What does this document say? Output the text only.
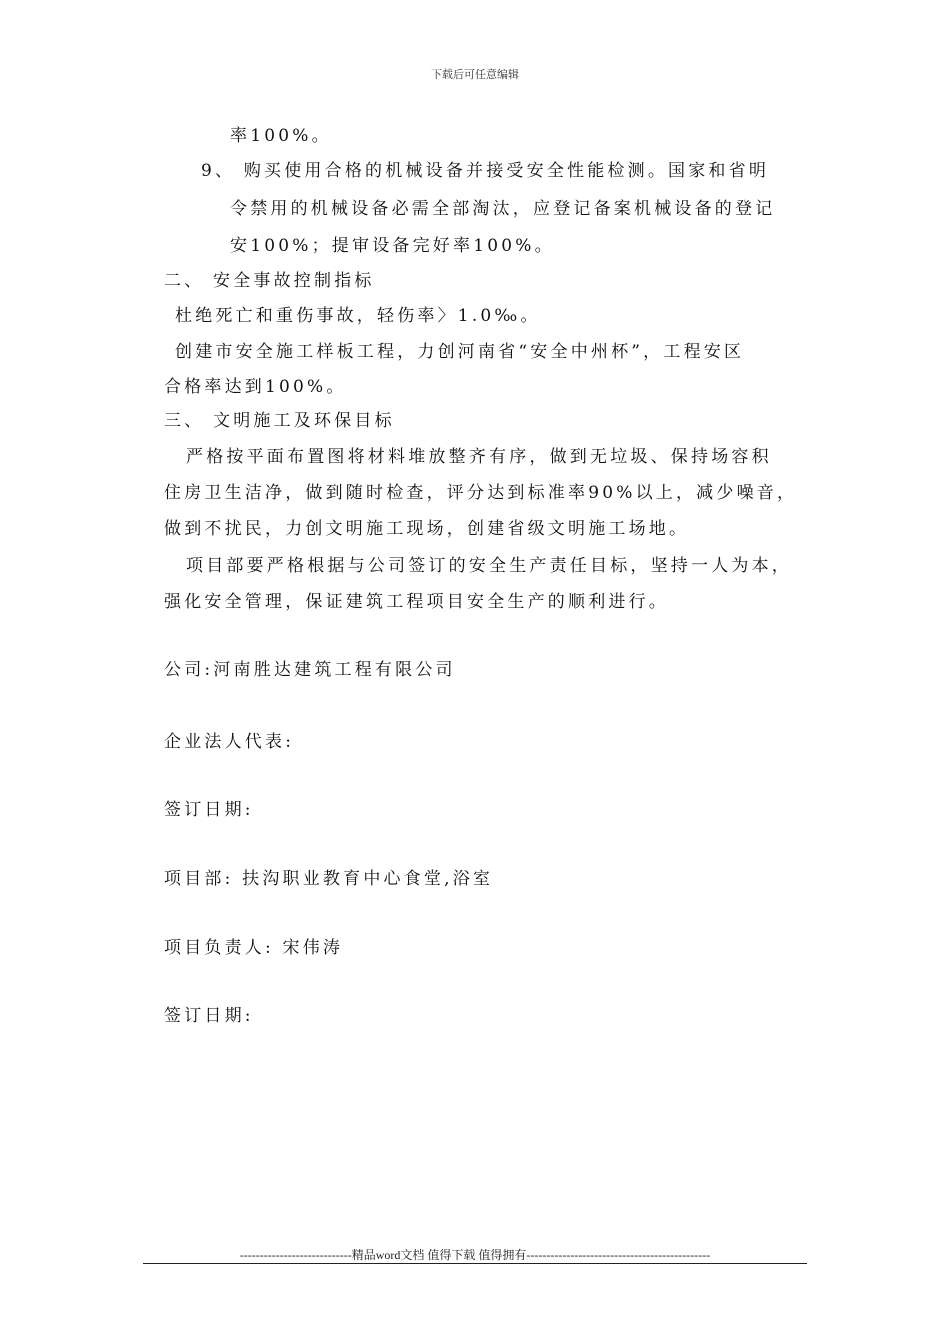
下载后可任意编辑
率100%。
9、 购买使用合格的机械设备并接受安全性能检测。国家和省明
令禁用的机械设备必需全部淘汰，应登记备案机械设备的登记
安100%；提审设备完好率100%。
二、 安全事故控制指标
杜绝死亡和重伤事故，轻伤率〉1.0‰。
创建市安全施工样板工程，力创河南省“安全中州杯”，工程安区
合格率达到100%。
三、 文明施工及环保目标
严格按平面布置图将材料堆放整齐有序，做到无垃圾、保持场容积
住房卫生洁净，做到随时检查，评分达到标准率90%以上，减少噪音，
做到不扰民，力创文明施工现场，创建省级文明施工场地。
项目部要严格根据与公司签订的安全生产责任目标，坚持一人为本，
强化安全管理，保证建筑工程项目安全生产的顺利进行。
公司:河南胜达建筑工程有限公司
企业法人代表:
签订日期:
项目部: 扶沟职业教育中心食堂,浴室
项目负责人: 宋伟涛
签订日期:
----------------------------精品word文档 值得下载 值得拥有----------------------------------------------
